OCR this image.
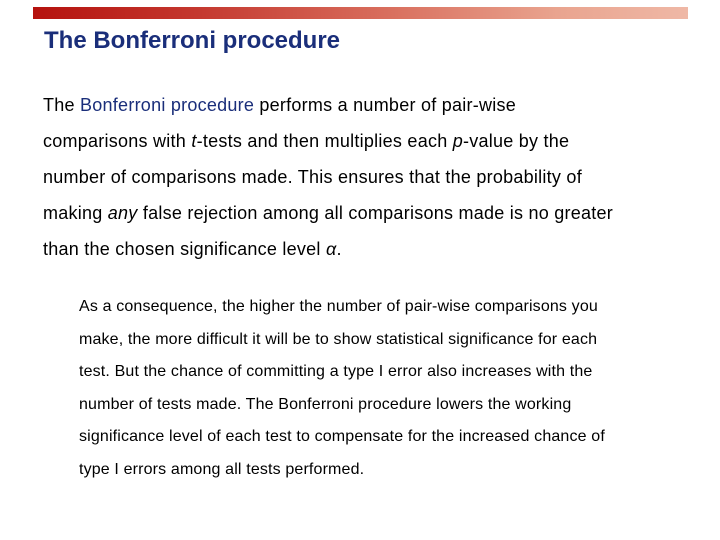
The Bonferroni procedure

The Bonferroni procedure performs a number of pair-wise
comparisons with t-tests and then multiplies each p-value by the
number of comparisons made. This ensures that the probability of
making any false rejection among all comparisons made is no greater
than the chosen significance level α.

As a consequence, the higher the number of pair-wise comparisons you
make, the more difficult it will be to show statistical significance for each
test. But the chance of committing a type I error also increases with the
number of tests made. The Bonferroni procedure lowers the working
significance level of each test to compensate for the increased chance of
type I errors among all tests performed.
